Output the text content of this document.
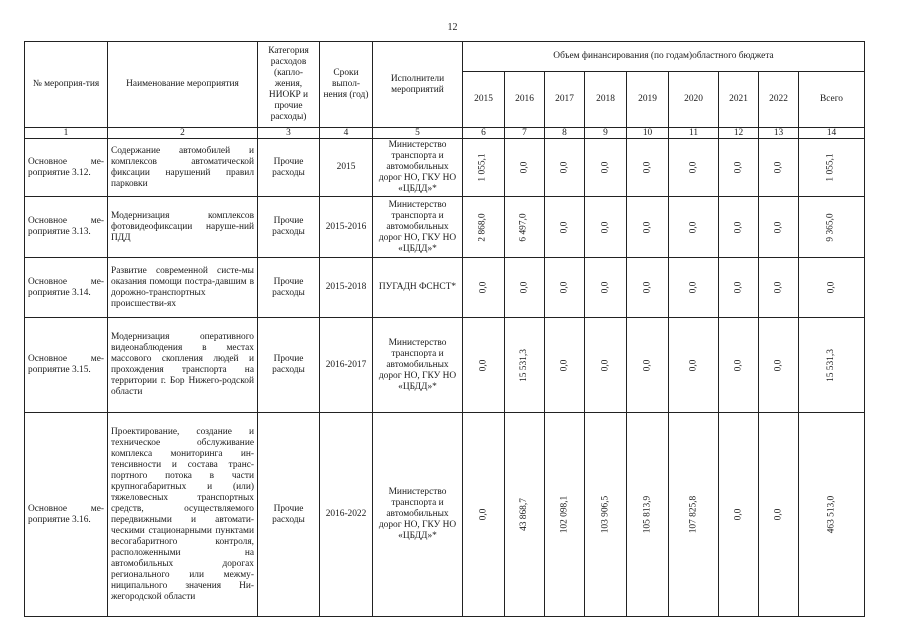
12
№ мероприя-тия	Наименование мероприятия	Категория расходов (капло-жения, НИОКР и прочие расходы)	Сроки выпол-нения (год)	Исполнители мероприятий	Объем финансирования (по годам)областного бюджета								
					2015	2016	2017	2018	2019	2020	2021	2022	Всего
1	2	3	4	5	6	7	8	9	10	11	12	13	14
Основное ме-роприятие 3.12.	Содержание автомобилей и комплексов автоматической фиксации нарушений правил парковки	Прочие расходы	2015	Министерство транспорта и автомобильных дорог НО, ГКУ НО «ЦБДД»*	1 055,1	0,0	0,0	0,0	0,0	0,0	0,0	0,0	1 055,1
Основное ме-роприятие 3.13.	Модернизация комплексов фотовидеофиксации наруше-ний ПДД	Прочие расходы	2015-2016	Министерство транспорта и автомобильных дорог НО, ГКУ НО «ЦБДД»*	2 868,0	6 497,0	0,0	0,0	0,0	0,0	0,0	0,0	9 365,0
Основное ме-роприятие 3.14.	Развитие современной систе-мы оказания помощи постра-давшим в дорожно-транспортных происшестви-ях	Прочие расходы	2015-2018	ПУГАДН ФСНСТ*	0,0	0,0	0,0	0,0	0,0	0,0	0,0	0,0	0,0
Основное ме-роприятие 3.15.	Модернизация оперативного видеонаблюдения в местах массового скопления людей и прохождения транспорта на территории г. Бор Нижего-родской области	Прочие расходы	2016-2017	Министерство транспорта и автомобильных дорог НО, ГКУ НО «ЦБДД»*	0,0	15 531,3	0,0	0,0	0,0	0,0	0,0	0,0	15 531,3
Основное ме-роприятие 3.16.	Проектирование, создание и техническое обслуживание комплекса мониторинга ин-тенсивности и состава транс-портного потока в части крупногабаритных и (или) тяжеловесных транспортных средств, осуществляемого передвижными и автомати-ческими стационарными пунктами весогабаритного контроля, расположенными на автомобильных дорогах регионального или межму-ниципального значения Ни-жегородской области	Прочие расходы	2016-2022	Министерство транспорта и автомобильных дорог НО, ГКУ НО «ЦБДД»*	0,0	43 868,7	102 098,1	103 906,5	105 813,9	107 825,8	0,0	0,0	463 513,0
